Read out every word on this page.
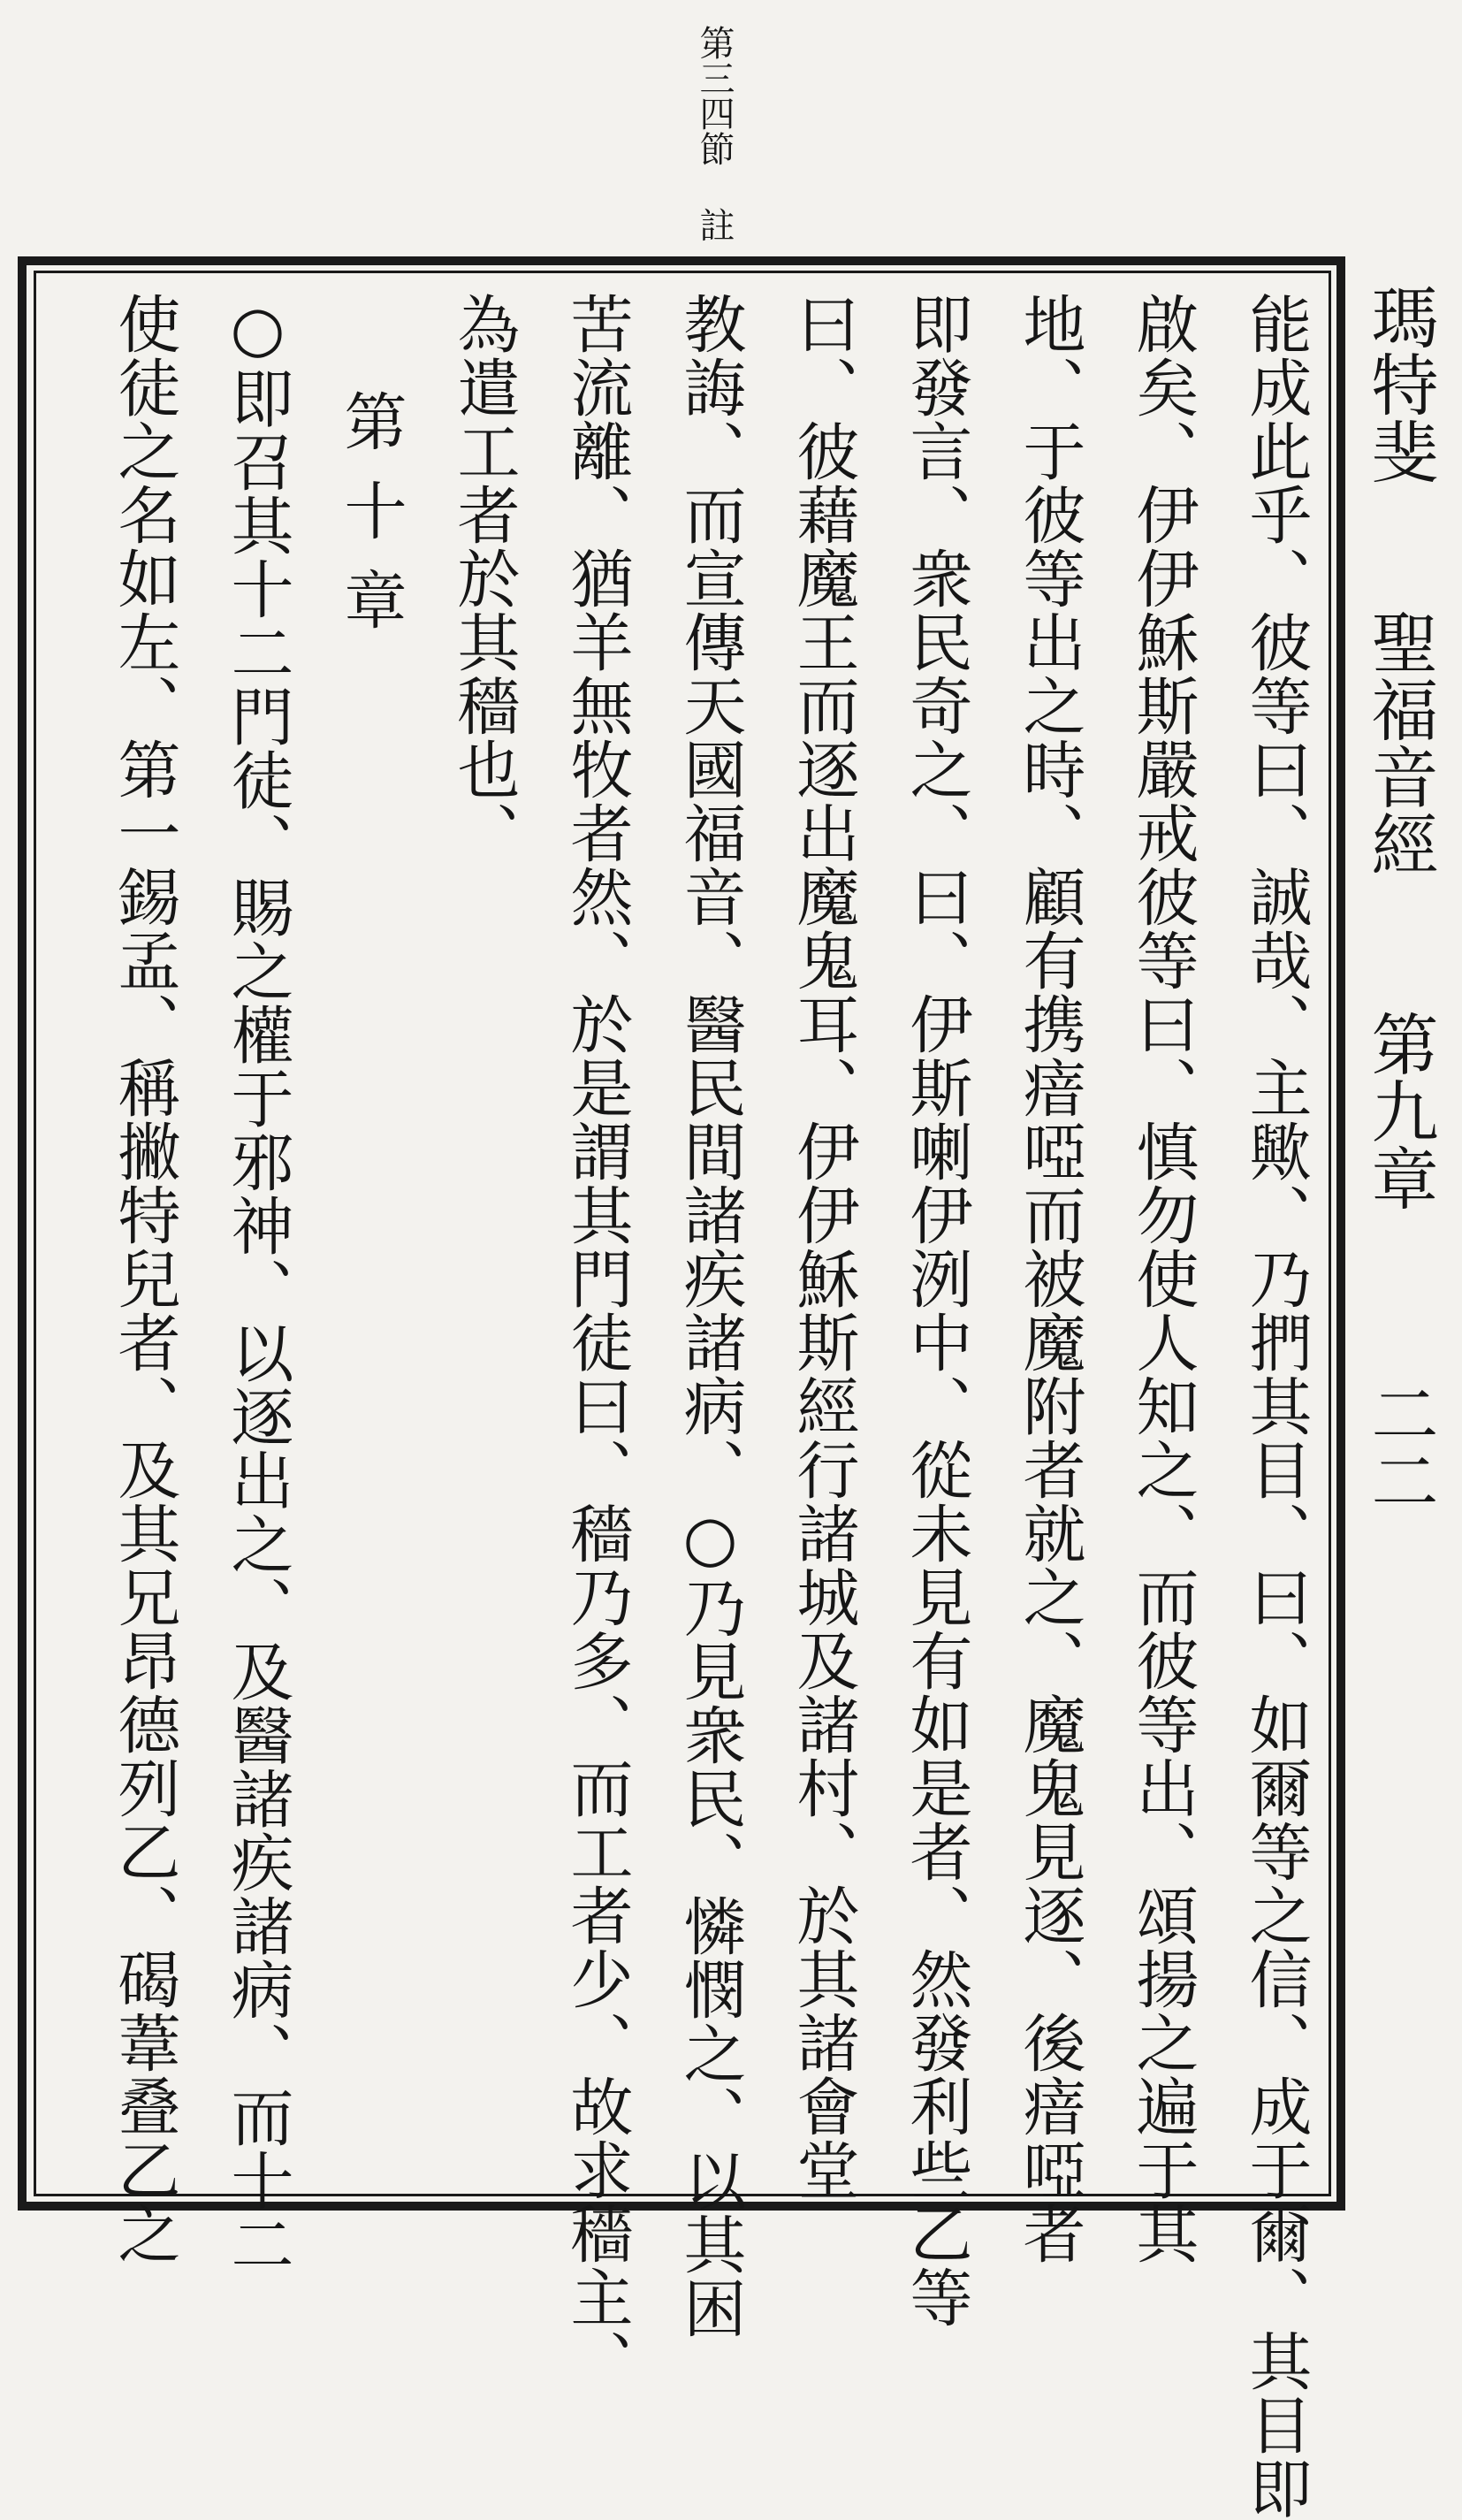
第三四節 註
瑪特斐聖福音經第九章二二
能成此乎、彼等曰、誠哉、主歟、乃捫其目、曰、如爾等之信、成于爾、其目即
啟矣、伊伊穌斯嚴戒彼等曰、慎勿使人知之、而彼等出、頌揚之遍于其
地、于彼等出之時、顧有携瘖啞而被魔附者就之、魔鬼見逐、後瘖啞者
即發言、衆民奇之、曰、伊斯喇伊洌中、從未見有如是者、然發利些乙等
曰、彼藉魔王而逐出魔鬼耳、伊伊穌斯經行諸城及諸村、於其諸會堂
教誨、而宣傳天國福音、醫民間諸疾諸病、○乃見衆民、憐憫之、以其困
苦流離、猶羊無牧者然、於是謂其門徒曰、穡乃多、而工者少、故求穡主、
為遣工者於其穡也、
第十章
○即召其十二門徒、賜之權于邪神、以逐出之、及醫諸疾諸病、而十二
使徒之名如左、第一錫孟、稱撇特兒者、及其兄昂德列乙、碣葦叠乙之
